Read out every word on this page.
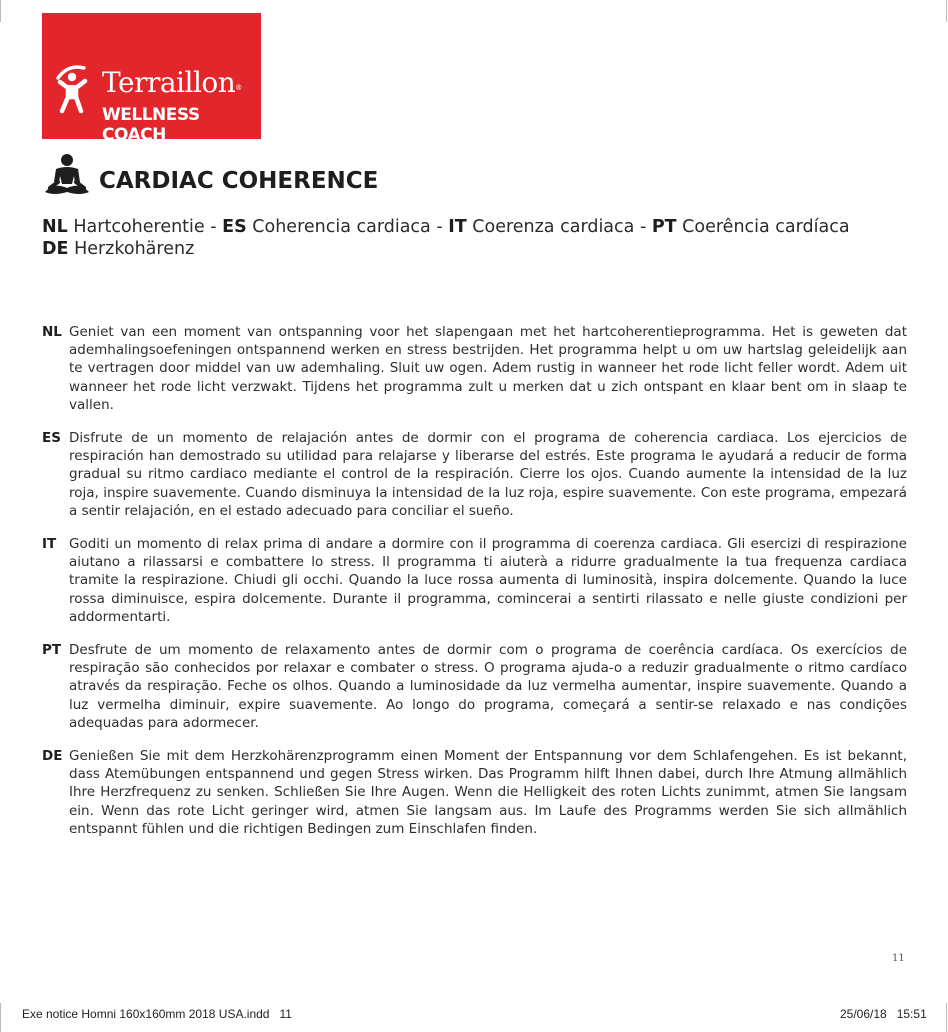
Terraillon®
WELLNESS COACH
CARDIAC COHERENCE
NL Hartcoherentie - ES Coherencia cardiaca - IT Coerenza cardiaca - PT Coerência cardíaca
DE Herzkohärenz
NL Geniet van een moment van ontspanning voor het slapengaan met het hartcoherentieprogramma. Het is geweten dat ademhalingsoefeningen ontspannend werken en stress bestrijden. Het programma helpt u om uw hartslag geleidelijk aan te vertragen door middel van uw ademhaling. Sluit uw ogen. Adem rustig in wanneer het rode licht feller wordt. Adem uit wanneer het rode licht verzwakt. Tijdens het programma zult u merken dat u zich ontspant en klaar bent om in slaap te vallen.

ES Disfrute de un momento de relajación antes de dormir con el programa de coherencia cardiaca. Los ejercicios de respiración han demostrado su utilidad para relajarse y liberarse del estrés. Este programa le ayudará a reducir de forma gradual su ritmo cardiaco mediante el control de la respiración. Cierre los ojos. Cuando aumente la intensidad de la luz roja, inspire suavemente. Cuando disminuya la intensidad de la luz roja, espire suavemente. Con este programa, empezará a sentir relajación, en el estado adecuado para conciliar el sueño.

IT Goditi un momento di relax prima di andare a dormire con il programma di coerenza cardiaca. Gli esercizi di respirazione aiutano a rilassarsi e combattere lo stress. Il programma ti aiuterà a ridurre gradualmente la tua frequenza cardiaca tramite la respirazione. Chiudi gli occhi. Quando la luce rossa aumenta di luminosità, inspira dolcemente. Quando la luce rossa diminuisce, espira dolcemente. Durante il programma, comincerai a sentirti rilassato e nelle giuste condizioni per addormentarti.

PT Desfrute de um momento de relaxamento antes de dormir com o programa de coerência cardíaca. Os exercícios de respiração são conhecidos por relaxar e combater o stress. O programa ajuda-o a reduzir gradualmente o ritmo cardíaco através da respiração. Feche os olhos. Quando a luminosidade da luz vermelha aumentar, inspire suavemente. Quando a luz vermelha diminuir, expire suavemente. Ao longo do programa, começará a sentir-se relaxado e nas condições adequadas para adormecer.

DE Genießen Sie mit dem Herzkohärenzprogramm einen Moment der Entspannung vor dem Schlafengehen. Es ist bekannt, dass Atemübungen entspannend und gegen Stress wirken. Das Programm hilft Ihnen dabei, durch Ihre Atmung allmählich Ihre Herzfrequenz zu senken. Schließen Sie Ihre Augen. Wenn die Helligkeit des roten Lichts zunimmt, atmen Sie langsam ein. Wenn das rote Licht geringer wird, atmen Sie langsam aus. Im Laufe des Programms werden Sie sich allmählich entspannt fühlen und die richtigen Bedingen zum Einschlafen finden.

11
Exe notice Homni 160x160mm 2018 USA.indd   11	25/06/18   15:51
